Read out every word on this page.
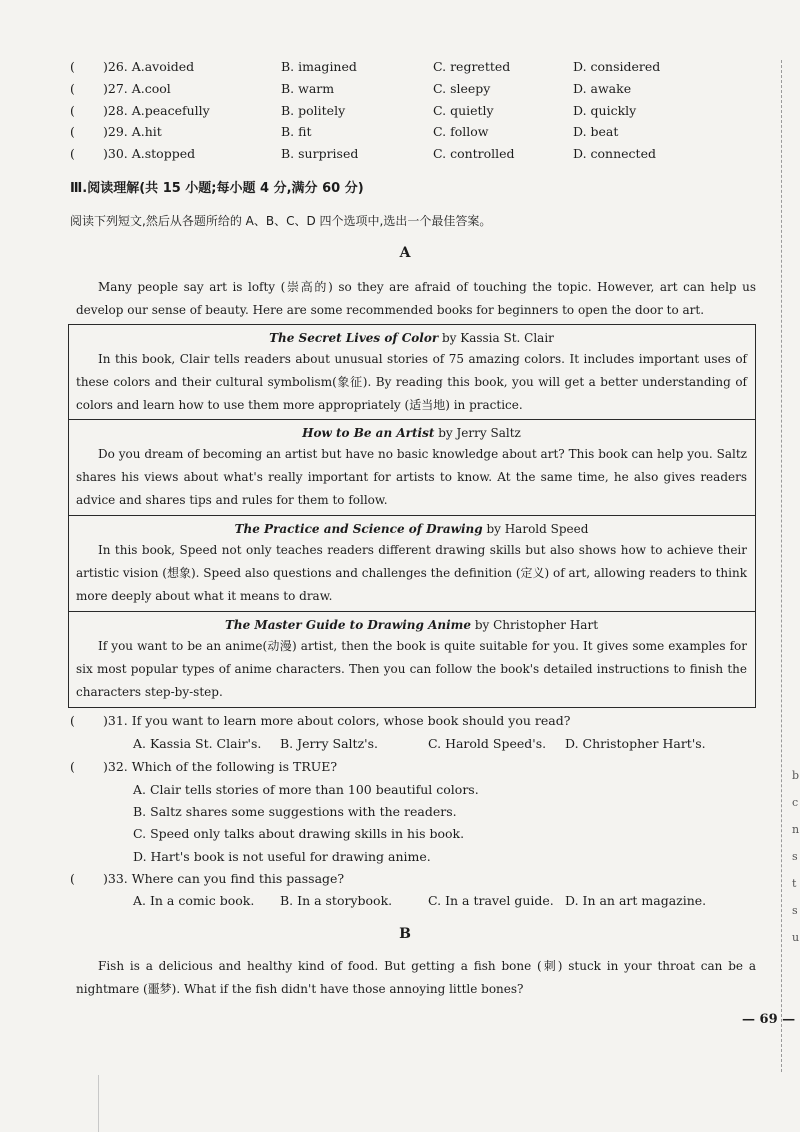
( )26. A.avoided	B. imagined	C. regretted	D. considered
( )27. A.cool	B. warm	C. sleepy	D. awake
( )28. A.peacefully	B. politely	C. quietly	D. quickly
( )29. A.hit	B. fit	C. follow	D. beat
( )30. A.stopped	B. surprised	C. controlled	D. connected
Ⅲ.阅读理解(共 15 小题;每小题 4 分,满分 60 分)
阅读下列短文,然后从各题所给的 A、B、C、D 四个选项中,选出一个最佳答案。
A

Many people say art is lofty (崇高的) so they are afraid of touching the topic. However, art can help us develop our sense of beauty. Here are some recommended books for beginners to open the door to art.

The Secret Lives of Color by Kassia St. Clair

In this book, Clair tells readers about unusual stories of 75 amazing colors. It includes important uses of these colors and their cultural symbolism(象征). By reading this book, you will get a better understanding of colors and learn how to use them more appropriately (适当地) in practice.

How to Be an Artist by Jerry Saltz

Do you dream of becoming an artist but have no basic knowledge about art? This book can help you. Saltz shares his views about what's really important for artists to know. At the same time, he also gives readers advice and shares tips and rules for them to follow.

The Practice and Science of Drawing by Harold Speed

In this book, Speed not only teaches readers different drawing skills but also shows how to achieve their artistic vision (想象). Speed also questions and challenges the definition (定义) of art, allowing readers to think more deeply about what it means to draw.

The Master Guide to Drawing Anime by Christopher Hart

If you want to be an anime(动漫) artist, then the book is quite suitable for you. It gives some examples for six most popular types of anime characters. Then you can follow the book's detailed instructions to finish the characters step-by-step.

( )31. If you want to learn more about colors, whose book should you read?
A. Kassia St. Clair's. B. Jerry Saltz's.	C. Harold Speed's. D. Christopher Hart's.
( )32. Which of the following is TRUE?
A. Clair tells stories of more than 100 beautiful colors.
B. Saltz shares some suggestions with the readers.
C. Speed only talks about drawing skills in his book.
D. Hart's book is not useful for drawing anime.
( )33. Where can you find this passage?
A. In a comic book. B. In a storybook.	C. In a travel guide. D. In an art magazine.
B

Fish is a delicious and healthy kind of food. But getting a fish bone (刺) stuck in your throat can be a nightmare (噩梦). What if the fish didn't have those annoying little bones?

— 69 —
b
c
n
s
t
s
u
